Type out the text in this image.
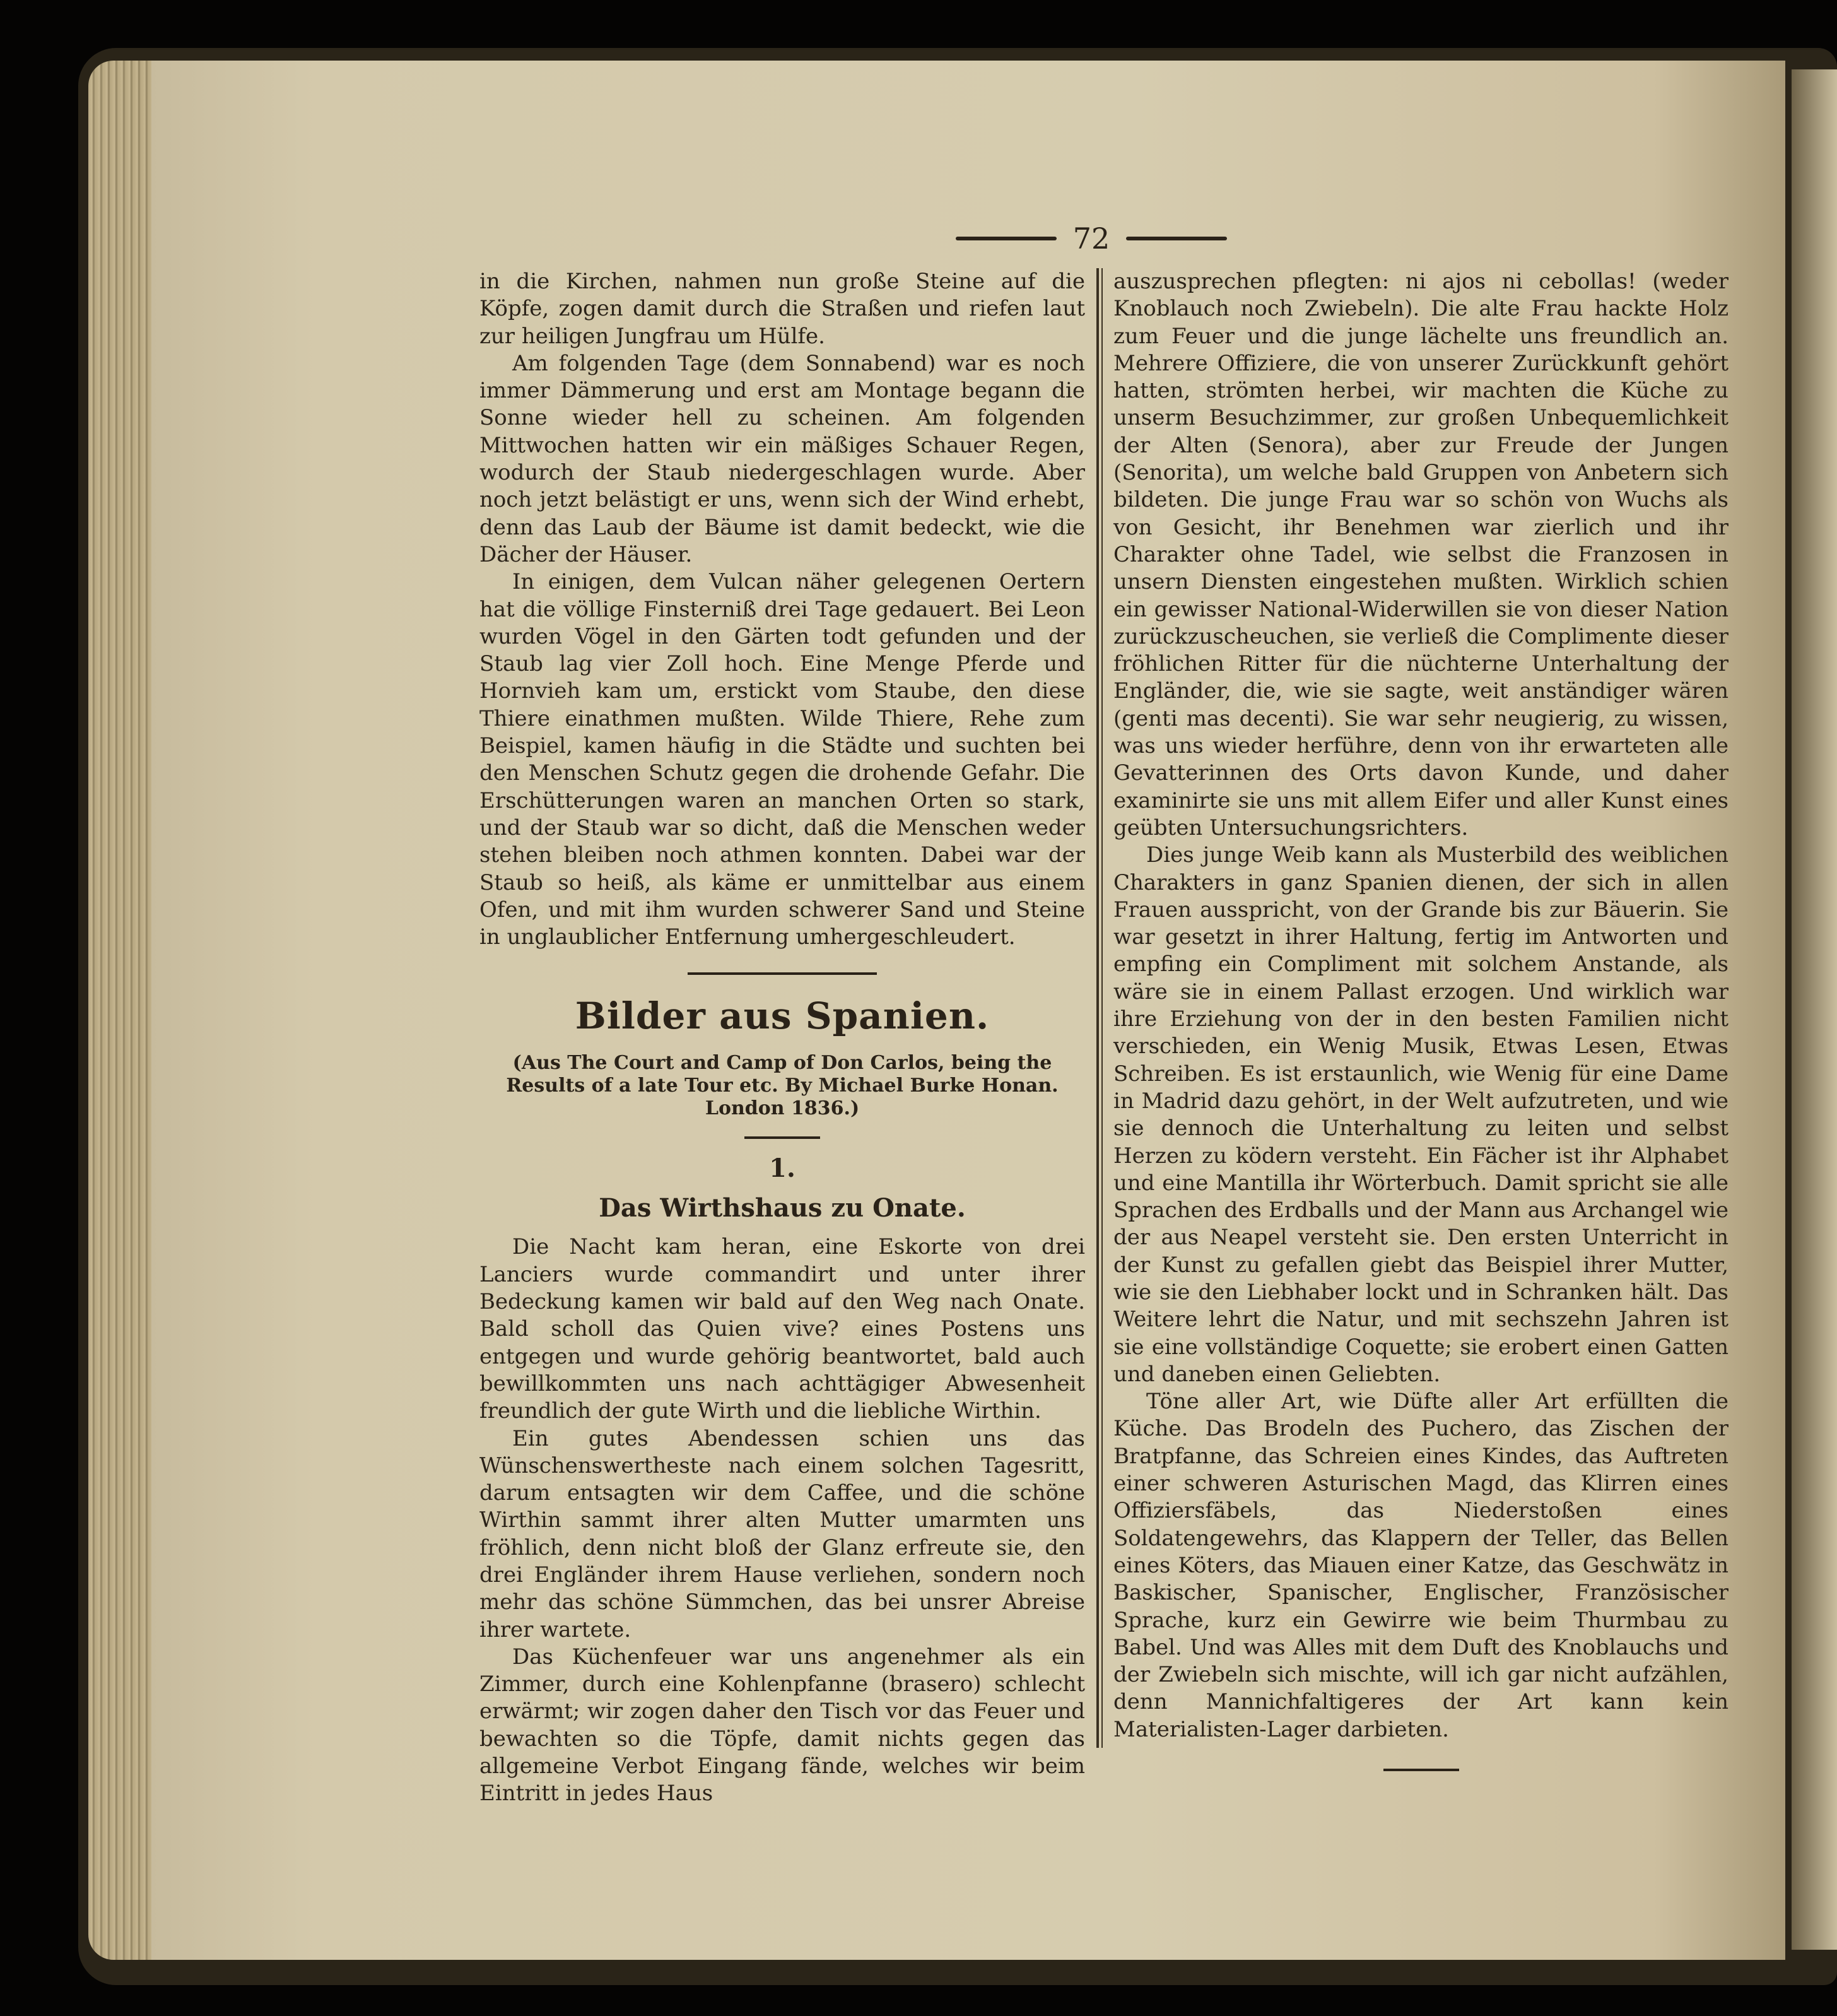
72

in die Kirchen, nahmen nun große Steine auf die Köpfe, zogen damit durch die Straßen und riefen laut zur heiligen Jungfrau um Hülfe.

Am folgenden Tage (dem Sonnabend) war es noch immer Dämmerung und erst am Montage begann die Sonne wieder hell zu scheinen. Am folgenden Mittwochen hatten wir ein mäßiges Schauer Regen, wodurch der Staub niedergeschlagen wurde. Aber noch jetzt belästigt er uns, wenn sich der Wind erhebt, denn das Laub der Bäume ist damit bedeckt, wie die Dächer der Häuser.

In einigen, dem Vulcan näher gelegenen Oertern hat die völlige Finsterniß drei Tage gedauert. Bei Leon wurden Vögel in den Gärten todt gefunden und der Staub lag vier Zoll hoch. Eine Menge Pferde und Hornvieh kam um, erstickt vom Staube, den diese Thiere einathmen mußten. Wilde Thiere, Rehe zum Beispiel, kamen häufig in die Städte und suchten bei den Menschen Schutz gegen die drohende Gefahr. Die Erschütterungen waren an manchen Orten so stark, und der Staub war so dicht, daß die Menschen weder stehen bleiben noch athmen konnten. Dabei war der Staub so heiß, als käme er unmittelbar aus einem Ofen, und mit ihm wurden schwerer Sand und Steine in unglaublicher Entfernung umhergeschleudert.

Bilder aus Spanien.
(Aus The Court and Camp of Don Carlos, being the Results of a late Tour etc. By Michael Burke Honan. London 1836.)
1.
Das Wirthshaus zu Onate.

Die Nacht kam heran, eine Eskorte von drei Lanciers wurde commandirt und unter ihrer Bedeckung kamen wir bald auf den Weg nach Onate. Bald scholl das Quien vive? eines Postens uns entgegen und wurde gehörig beantwortet, bald auch bewillkommten uns nach achttägiger Abwesenheit freundlich der gute Wirth und die liebliche Wirthin.

Ein gutes Abendessen schien uns das Wünschenswertheste nach einem solchen Tagesritt, darum entsagten wir dem Caffee, und die schöne Wirthin sammt ihrer alten Mutter umarmten uns fröhlich, denn nicht bloß der Glanz erfreute sie, den drei Engländer ihrem Hause verliehen, sondern noch mehr das schöne Sümmchen, das bei unsrer Abreise ihrer wartete.

Das Küchenfeuer war uns angenehmer als ein Zimmer, durch eine Kohlenpfanne (brasero) schlecht erwärmt; wir zogen daher den Tisch vor das Feuer und bewachten so die Töpfe, damit nichts gegen das allgemeine Verbot Eingang fände, welches wir beim Eintritt in jedes Haus

auszusprechen pflegten: ni ajos ni cebollas! (weder Knoblauch noch Zwiebeln). Die alte Frau hackte Holz zum Feuer und die junge lächelte uns freundlich an. Mehrere Offiziere, die von unserer Zurückkunft gehört hatten, strömten herbei, wir machten die Küche zu unserm Besuchzimmer, zur großen Unbequemlichkeit der Alten (Senora), aber zur Freude der Jungen (Senorita), um welche bald Gruppen von Anbetern sich bildeten. Die junge Frau war so schön von Wuchs als von Gesicht, ihr Benehmen war zierlich und ihr Charakter ohne Tadel, wie selbst die Franzosen in unsern Diensten eingestehen mußten. Wirklich schien ein gewisser National-Widerwillen sie von dieser Nation zurückzuscheuchen, sie verließ die Complimente dieser fröhlichen Ritter für die nüchterne Unterhaltung der Engländer, die, wie sie sagte, weit anständiger wären (genti mas decenti). Sie war sehr neugierig, zu wissen, was uns wieder herführe, denn von ihr erwarteten alle Gevatterinnen des Orts davon Kunde, und daher examinirte sie uns mit allem Eifer und aller Kunst eines geübten Untersuchungsrichters.

Dies junge Weib kann als Musterbild des weiblichen Charakters in ganz Spanien dienen, der sich in allen Frauen ausspricht, von der Grande bis zur Bäuerin. Sie war gesetzt in ihrer Haltung, fertig im Antworten und empfing ein Compliment mit solchem Anstande, als wäre sie in einem Pallast erzogen. Und wirklich war ihre Erziehung von der in den besten Familien nicht verschieden, ein Wenig Musik, Etwas Lesen, Etwas Schreiben. Es ist erstaunlich, wie Wenig für eine Dame in Madrid dazu gehört, in der Welt aufzutreten, und wie sie dennoch die Unterhaltung zu leiten und selbst Herzen zu ködern versteht. Ein Fächer ist ihr Alphabet und eine Mantilla ihr Wörterbuch. Damit spricht sie alle Sprachen des Erdballs und der Mann aus Archangel wie der aus Neapel versteht sie. Den ersten Unterricht in der Kunst zu gefallen giebt das Beispiel ihrer Mutter, wie sie den Liebhaber lockt und in Schranken hält. Das Weitere lehrt die Natur, und mit sechszehn Jahren ist sie eine vollständige Coquette; sie erobert einen Gatten und daneben einen Geliebten.

Töne aller Art, wie Düfte aller Art erfüllten die Küche. Das Brodeln des Puchero, das Zischen der Bratpfanne, das Schreien eines Kindes, das Auftreten einer schweren Asturischen Magd, das Klirren eines Offiziersfäbels, das Niederstoßen eines Soldatengewehrs, das Klappern der Teller, das Bellen eines Köters, das Miauen einer Katze, das Geschwätz in Baskischer, Spanischer, Englischer, Französischer Sprache, kurz ein Gewirre wie beim Thurmbau zu Babel. Und was Alles mit dem Duft des Knoblauchs und der Zwiebeln sich mischte, will ich gar nicht aufzählen, denn Mannichfaltigeres der Art kann kein Materialisten-Lager darbieten.
